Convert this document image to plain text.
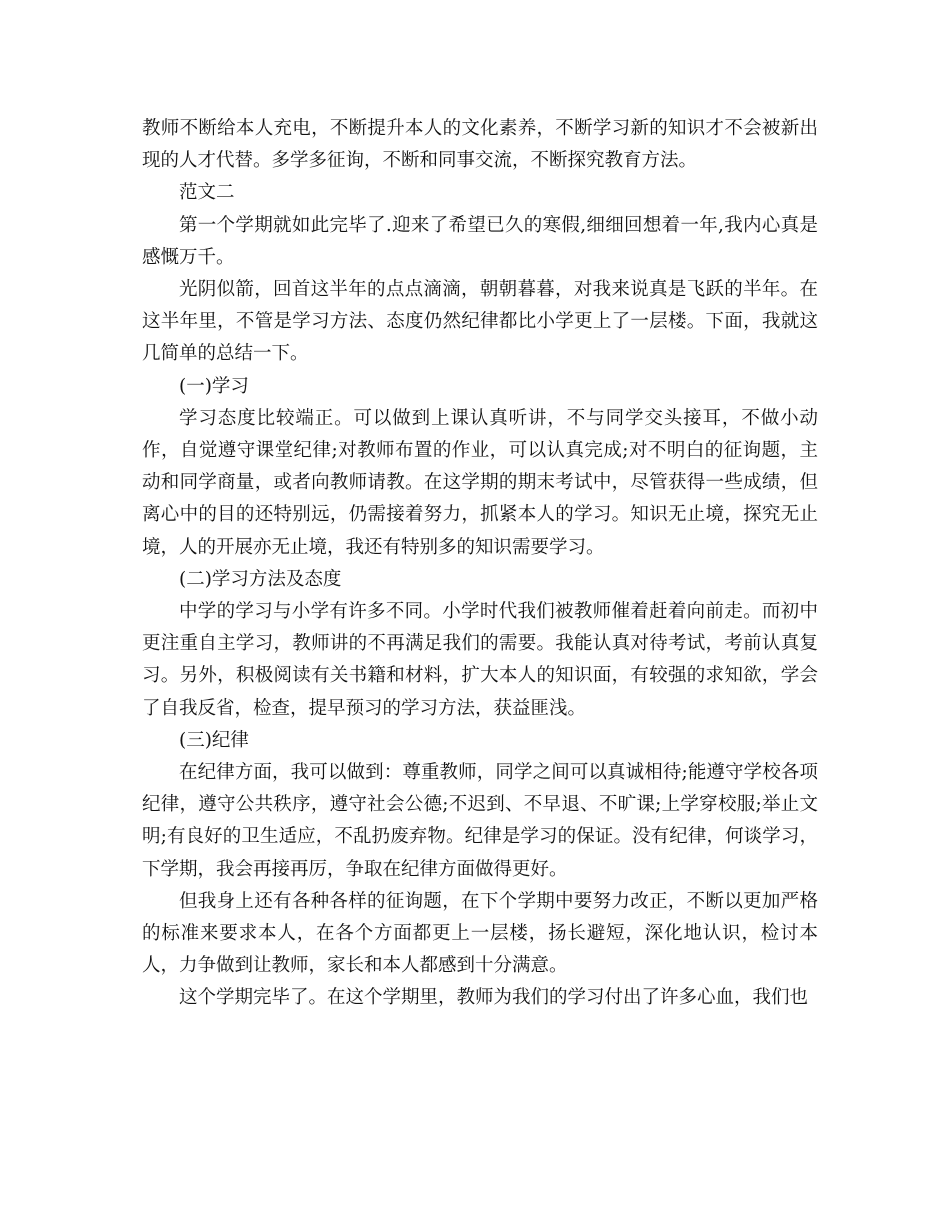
教师不断给本人充电，不断提升本人的文化素养，不断学习新的知识才不会被新出现的人才代替。多学多征询，不断和同事交流，不断探究教育方法。

范文二

第一个学期就如此完毕了.迎来了希望已久的寒假,细细回想着一年,我内心真是感慨万千。

光阴似箭，回首这半年的点点滴滴，朝朝暮暮，对我来说真是飞跃的半年。在这半年里，不管是学习方法、态度仍然纪律都比小学更上了一层楼。下面，我就这几简单的总结一下。

(一)学习

学习态度比较端正。可以做到上课认真听讲，不与同学交头接耳，不做小动作，自觉遵守课堂纪律;对教师布置的作业，可以认真完成;对不明白的征询题，主动和同学商量，或者向教师请教。在这学期的期末考试中，尽管获得一些成绩，但离心中的目的还特别远，仍需接着努力，抓紧本人的学习。知识无止境，探究无止境，人的开展亦无止境，我还有特别多的知识需要学习。

(二)学习方法及态度

中学的学习与小学有许多不同。小学时代我们被教师催着赶着向前走。而初中更注重自主学习，教师讲的不再满足我们的需要。我能认真对待考试，考前认真复习。另外，积极阅读有关书籍和材料，扩大本人的知识面，有较强的求知欲，学会了自我反省，检查，提早预习的学习方法，获益匪浅。

(三)纪律

在纪律方面，我可以做到：尊重教师，同学之间可以真诚相待;能遵守学校各项纪律，遵守公共秩序，遵守社会公德;不迟到、不早退、不旷课;上学穿校服;举止文明;有良好的卫生适应，不乱扔废弃物。纪律是学习的保证。没有纪律，何谈学习，下学期，我会再接再厉，争取在纪律方面做得更好。

但我身上还有各种各样的征询题，在下个学期中要努力改正，不断以更加严格的标准来要求本人，在各个方面都更上一层楼，扬长避短，深化地认识，检讨本人，力争做到让教师，家长和本人都感到十分满意。

这个学期完毕了。在这个学期里，教师为我们的学习付出了许多心血，我们也
